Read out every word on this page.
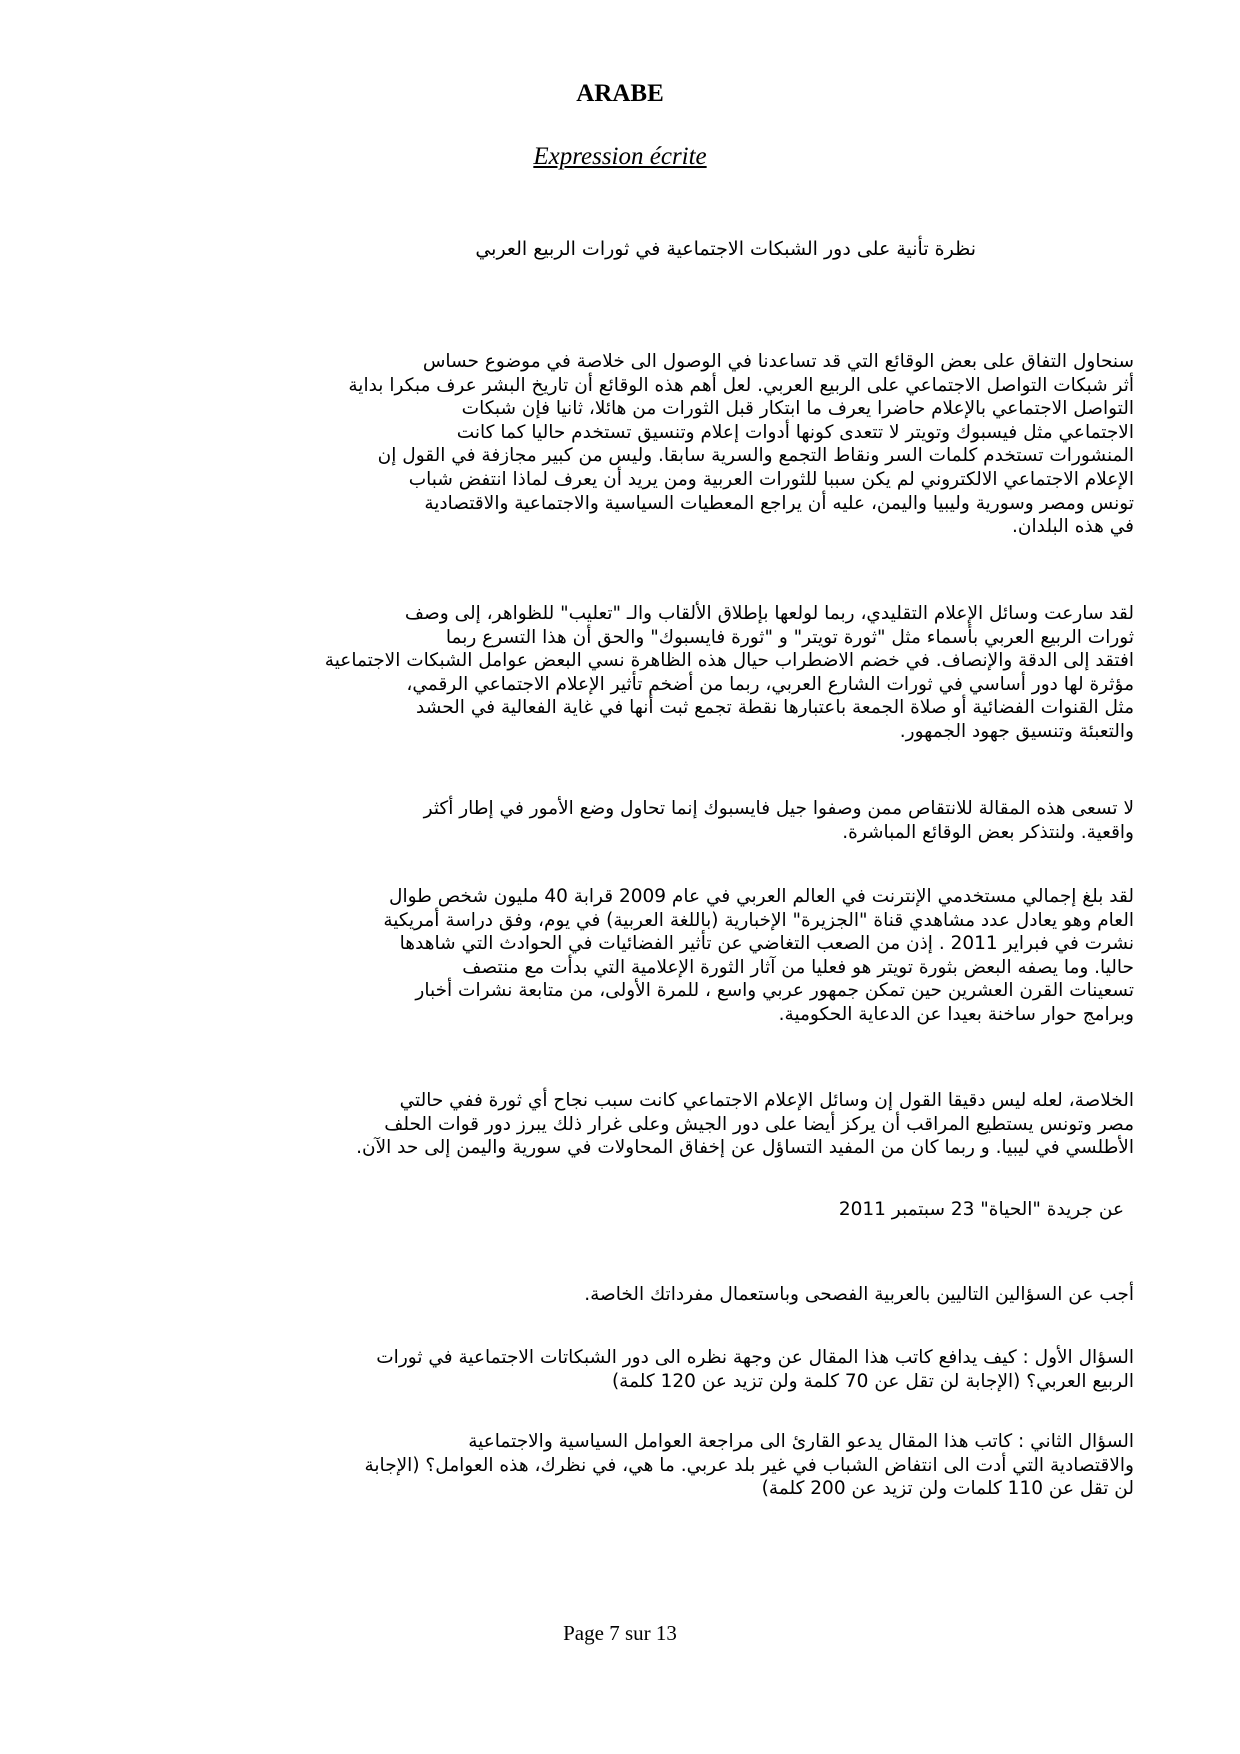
ARABE
Expression écrite
نظرة تأنية على دور الشبكات الاجتماعية في ثورات الربيع العربي

سنحاول التفاق على بعض الوقائع التي قد تساعدنا في الوصول الى خلاصة في موضوع حساس

أثر شبكات التواصل الاجتماعي على الربيع العربي. لعل أهم هذه الوقائع أن تاريخ البشر عرف مبكرا بداية

التواصل الاجتماعي بالإعلام حاضرا يعرف ما ابتكار قبل الثورات من هائلا، ثانيا فإن شبكات

الاجتماعي مثل فيسبوك وتويتر لا تتعدى كونها أدوات إعلام وتنسيق تستخدم حاليا كما كانت

المنشورات تستخدم كلمات السر ونقاط التجمع والسرية سابقا. وليس من كبير مجازفة في القول إن

الإعلام الاجتماعي الالكتروني لم يكن سببا للثورات العربية ومن يريد أن يعرف لماذا انتفض شباب

تونس ومصر وسورية وليبيا واليمن، عليه أن يراجع المعطيات السياسية والاجتماعية والاقتصادية

في هذه البلدان.

لقد سارعت وسائل الإعلام التقليدي، ربما لولعها بإطلاق الألقاب والـ "تعليب" للظواهر، إلى وصف

ثورات الربيع العربي بأسماء مثل "ثورة تويتر" و "ثورة فايسبوك" والحق أن هذا التسرع ربما

افتقد إلى الدقة والإنصاف. في خضم الاضطراب حيال هذه الظاهرة نسي البعض عوامل الشبكات الاجتماعية

مؤثرة لها دور أساسي في ثورات الشارع العربي، ربما من أضخم تأثير الإعلام الاجتماعي الرقمي،

مثل القنوات الفضائية أو صلاة الجمعة باعتبارها نقطة تجمع ثبت أنها في غاية الفعالية في الحشد

والتعبئة وتنسيق جهود الجمهور.

لا تسعى هذه المقالة للانتقاص ممن وصفوا جيل فايسبوك إنما تحاول وضع الأمور في إطار أكثر

واقعية. ولنتذكر بعض الوقائع المباشرة.

لقد بلغ إجمالي مستخدمي الإنترنت في العالم العربي في عام 2009 قرابة 40 مليون شخص طوال

العام وهو يعادل عدد مشاهدي قناة "الجزيرة" الإخبارية (باللغة العربية) في يوم، وفق دراسة أمريكية

نشرت في فبراير 2011 . إذن من الصعب التغاضي عن تأثير الفضائيات في الحوادث التي شاهدها

حاليا. وما يصفه البعض بثورة تويتر هو فعليا من آثار الثورة الإعلامية التي بدأت مع منتصف

تسعينات القرن العشرين حين تمكن جمهور عربي واسع ، للمرة الأولى، من متابعة نشرات أخبار

وبرامج حوار ساخنة بعيدا عن الدعاية الحكومية.

الخلاصة، لعله ليس دقيقا القول إن وسائل الإعلام الاجتماعي كانت سبب نجاح أي ثورة ففي حالتي

مصر وتونس يستطيع المراقب أن يركز أيضا على دور الجيش وعلى غرار ذلك يبرز دور قوات الحلف

الأطلسي في ليبيا. و ربما كان من المفيد التساؤل عن إخفاق المحاولات في سورية واليمن إلى حد الآن.

عن جريدة "الحياة" 23 سبتمبر 2011

أجب عن السؤالين التاليين بالعربية الفصحى وباستعمال مفرداتك الخاصة.

السؤال الأول : كيف يدافع كاتب هذا المقال عن وجهة نظره الى دور الشبكاتات الاجتماعية في ثورات

الربيع العربي؟ (الإجابة لن تقل عن 70 كلمة ولن تزيد عن 120 كلمة)

السؤال الثاني : كاتب هذا المقال يدعو القارئ الى مراجعة العوامل السياسية والاجتماعية

والاقتصادية التي أدت الى انتفاض الشباب في غير بلد عربي. ما هي، في نظرك، هذه العوامل؟ (الإجابة

لن تقل عن 110 كلمات ولن تزيد عن 200 كلمة)

Page 7 sur 13
